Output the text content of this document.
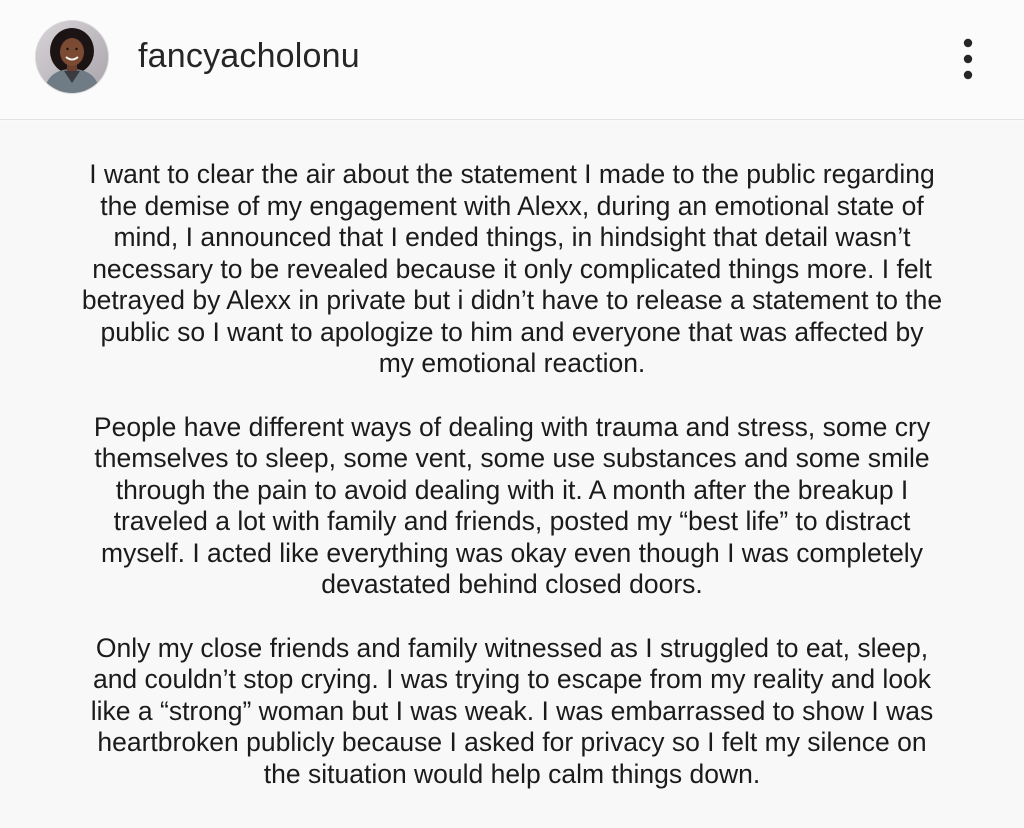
fancyacholonu

I want to clear the air about the statement I made to the public regarding
the demise of my engagement with Alexx, during an emotional state of
mind, I announced that I ended things, in hindsight that detail wasn’t
necessary to be revealed because it only complicated things more. I felt
betrayed by Alexx in private but i didn’t have to release a statement to the
public so I want to apologize to him and everyone that was affected by
my emotional reaction.

People have different ways of dealing with trauma and stress, some cry
themselves to sleep, some vent, some use substances and some smile
through the pain to avoid dealing with it. A month after the breakup I
traveled a lot with family and friends, posted my “best life” to distract
myself. I acted like everything was okay even though I was completely
devastated behind closed doors.

Only my close friends and family witnessed as I struggled to eat, sleep,
and couldn’t stop crying. I was trying to escape from my reality and look
like a “strong” woman but I was weak. I was embarrassed to show I was
heartbroken publicly because I asked for privacy so I felt my silence on
the situation would help calm things down.
